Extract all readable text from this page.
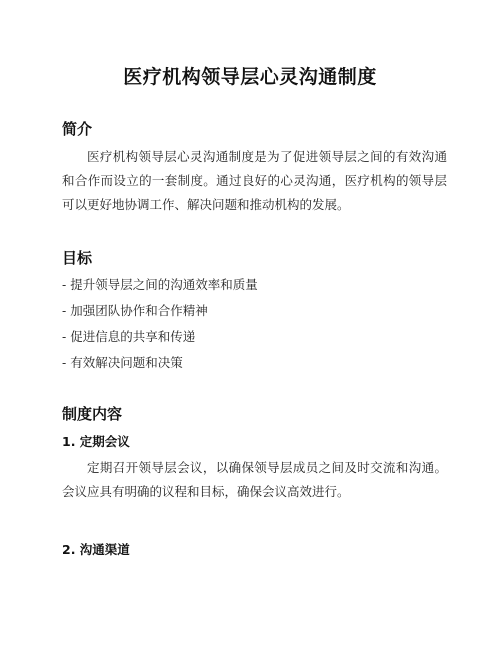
医疗机构领导层心灵沟通制度
简介

医疗机构领导层心灵沟通制度是为了促进领导层之间的有效沟通和合作而设立的一套制度。通过良好的心灵沟通，医疗机构的领导层可以更好地协调工作、解决问题和推动机构的发展。

目标
- 提升领导层之间的沟通效率和质量
- 加强团队协作和合作精神
- 促进信息的共享和传递
- 有效解决问题和决策
制度内容
1. 定期会议

定期召开领导层会议，以确保领导层成员之间及时交流和沟通。会议应具有明确的议程和目标，确保会议高效进行。

2. 沟通渠道
